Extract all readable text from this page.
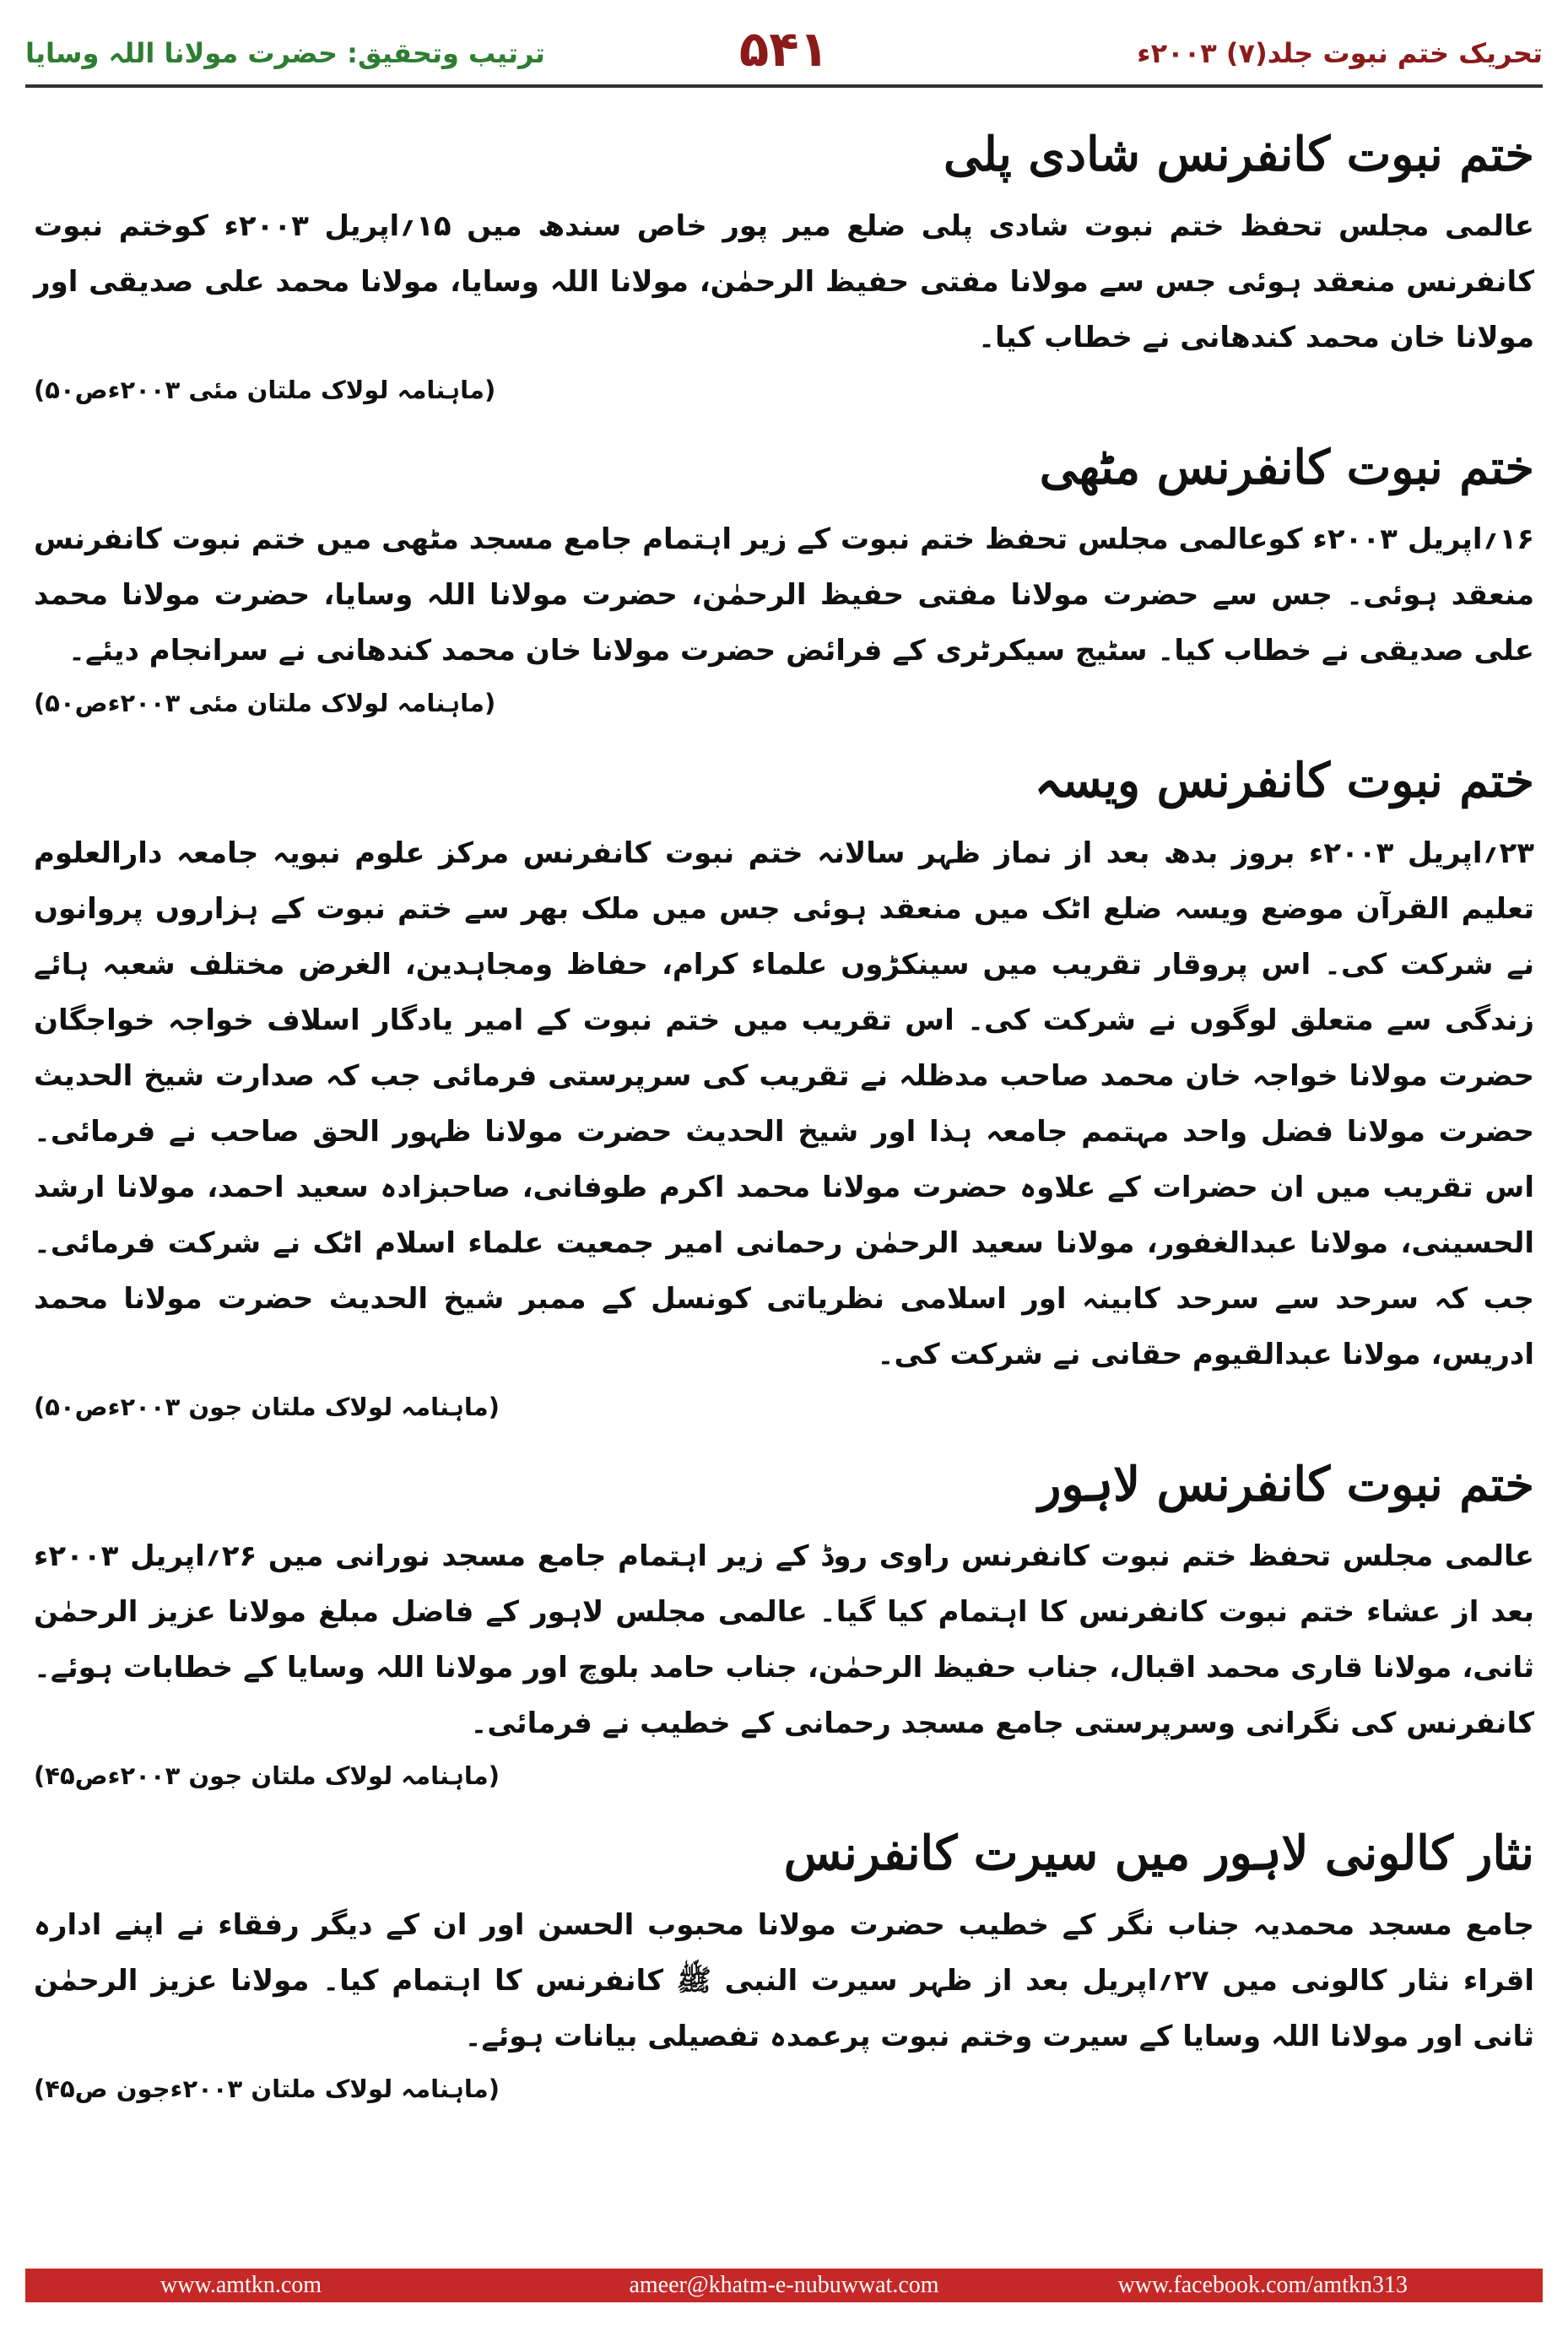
ترتیب وتحقیق: حضرت مولانا اللہ وسایا	۵۴۱	تحریک ختم نبوت جلد(۷) ۲۰۰۳ء
ختم نبوت کانفرنس شادی پلی

عالمی مجلس تحفظ ختم نبوت شادی پلی ضلع میر پور خاص سندھ میں ۱۵؍اپریل ۲۰۰۳ء کوختم نبوت کانفرنس منعقد ہوئی جس سے مولانا مفتی حفیظ الرحمٰن، مولانا اللہ وسایا، مولانا محمد علی صدیقی اور مولانا خان محمد کندھانی نے خطاب کیا۔

(ماہنامہ لولاک ملتان مئی ۲۰۰۳ءص۵۰)
ختم نبوت کانفرنس مٹھی

۱۶؍اپریل ۲۰۰۳ء کوعالمی مجلس تحفظ ختم نبوت کے زیر اہتمام جامع مسجد مٹھی میں ختم نبوت کانفرنس منعقد ہوئی۔ جس سے حضرت مولانا مفتی حفیظ الرحمٰن، حضرت مولانا اللہ وسایا، حضرت مولانا محمد علی صدیقی نے خطاب کیا۔ سٹیج سیکرٹری کے فرائض حضرت مولانا خان محمد کندھانی نے سرانجام دیئے۔

(ماہنامہ لولاک ملتان مئی ۲۰۰۳ءص۵۰)
ختم نبوت کانفرنس ویسہ

۲۳؍اپریل ۲۰۰۳ء بروز بدھ بعد از نماز ظہر سالانہ ختم نبوت کانفرنس مرکز علوم نبویہ جامعہ دارالعلوم تعلیم القرآن موضع ویسہ ضلع اٹک میں منعقد ہوئی جس میں ملک بھر سے ختم نبوت کے ہزاروں پروانوں نے شرکت کی۔ اس پروقار تقریب میں سینکڑوں علماء کرام، حفاظ ومجاہدین، الغرض مختلف شعبہ ہائے زندگی سے متعلق لوگوں نے شرکت کی۔ اس تقریب میں ختم نبوت کے امیر یادگار اسلاف خواجہ خواجگان حضرت مولانا خواجہ خان محمد صاحب مدظلہ نے تقریب کی سرپرستی فرمائی جب کہ صدارت شیخ الحدیث حضرت مولانا فضل واحد مہتمم جامعہ ہذا اور شیخ الحدیث حضرت مولانا ظہور الحق صاحب نے فرمائی۔ اس تقریب میں ان حضرات کے علاوہ حضرت مولانا محمد اکرم طوفانی، صاحبزادہ سعید احمد، مولانا ارشد الحسینی، مولانا عبدالغفور، مولانا سعید الرحمٰن رحمانی امیر جمعیت علماء اسلام اٹک نے شرکت فرمائی۔ جب کہ سرحد سے سرحد کابینہ اور اسلامی نظریاتی کونسل کے ممبر شیخ الحدیث حضرت مولانا محمد ادریس، مولانا عبدالقیوم حقانی نے شرکت کی۔

(ماہنامہ لولاک ملتان جون ۲۰۰۳ءص۵۰)
ختم نبوت کانفرنس لاہور

عالمی مجلس تحفظ ختم نبوت کانفرنس راوی روڈ کے زیر اہتمام جامع مسجد نورانی میں ۲۶؍اپریل ۲۰۰۳ء بعد از عشاء ختم نبوت کانفرنس کا اہتمام کیا گیا۔ عالمی مجلس لاہور کے فاضل مبلغ مولانا عزیز الرحمٰن ثانی، مولانا قاری محمد اقبال، جناب حفیظ الرحمٰن، جناب حامد بلوچ اور مولانا اللہ وسایا کے خطابات ہوئے۔ کانفرنس کی نگرانی وسرپرستی جامع مسجد رحمانی کے خطیب نے فرمائی۔

(ماہنامہ لولاک ملتان جون ۲۰۰۳ءص۴۵)
نثار کالونی لاہور میں سیرت کانفرنس

جامع مسجد محمدیہ جناب نگر کے خطیب حضرت مولانا محبوب الحسن اور ان کے دیگر رفقاء نے اپنے ادارہ اقراء نثار کالونی میں ۲۷؍اپریل بعد از ظہر سیرت النبی ﷺ کانفرنس کا اہتمام کیا۔ مولانا عزیز الرحمٰن ثانی اور مولانا اللہ وسایا کے سیرت وختم نبوت پرعمدہ تفصیلی بیانات ہوئے۔

(ماہنامہ لولاک ملتان ۲۰۰۳ءجون ص۴۵)
www.amtkn.com	ameer@khatm-e-nubuwwat.com	www.facebook.com/amtkn313
